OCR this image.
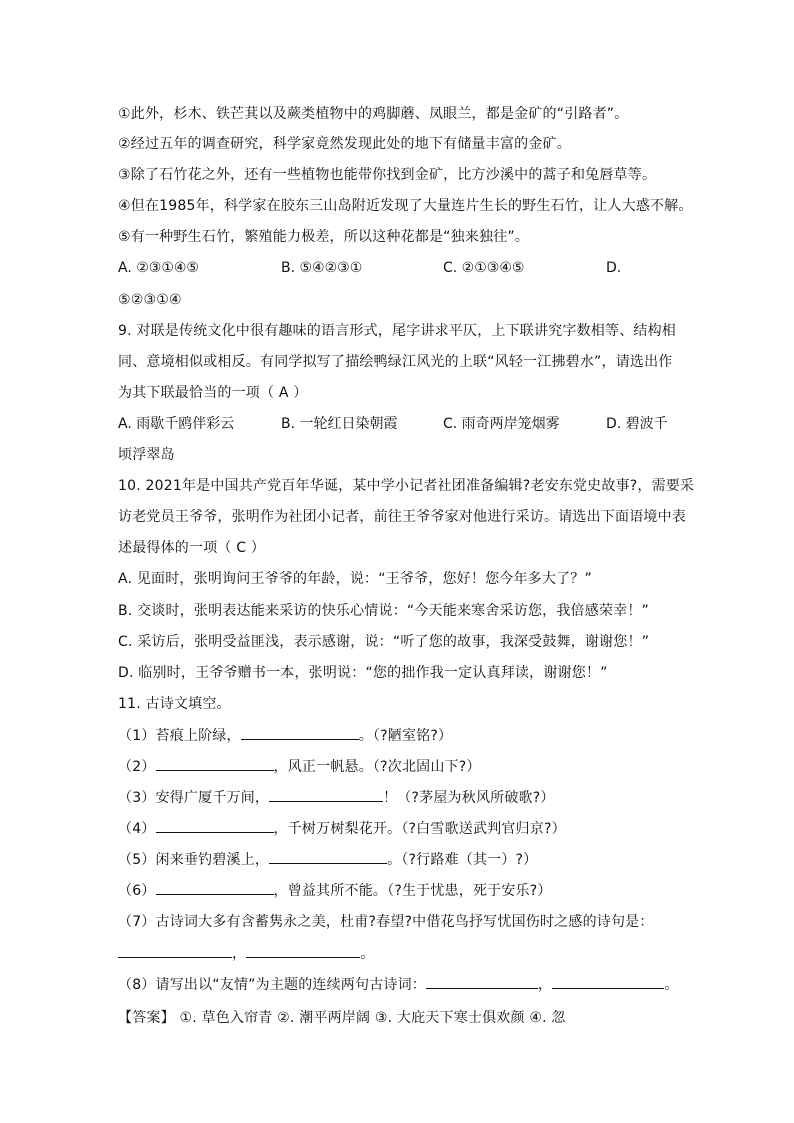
①此外，杉木、铁芒萁以及蕨类植物中的鸡脚蘑、凤眼兰，都是金矿的“引路者”。
②经过五年的调查研究，科学家竟然发现此处的地下有储量丰富的金矿。
③除了石竹花之外，还有一些植物也能带你找到金矿，比方沙溪中的蒿子和兔唇草等。
④但在1985年，科学家在胶东三山岛附近发现了大量连片生长的野生石竹，让人大惑不解。
⑤有一种野生石竹，繁殖能力极差，所以这种花都是“独来独往”。
A. ②③①④⑤	B. ⑤④②③①	C. ②①③④⑤	D.
⑤②③①④
9. 对联是传统文化中很有趣味的语言形式，尾字讲求平仄，上下联讲究字数相等、结构相
同、意境相似或相反。有同学拟写了描绘鸭绿江风光的上联“风轻一江拂碧水”，请选出作
为其下联最恰当的一项（ A ）
A. 雨歇千鸥伴彩云	B. 一轮红日染朝霞	C. 雨奇两岸笼烟雾	D. 碧波千
顷浮翠岛
10. 2021年是中国共产党百年华诞，某中学小记者社团准备编辑?老安东党史故事?，需要采
访老党员王爷爷，张明作为社团小记者，前往王爷爷家对他进行采访。请选出下面语境中表
述最得体的一项（ C ）
A. 见面时，张明询问王爷爷的年龄，说：“王爷爷，您好！您今年多大了？”
B. 交谈时，张明表达能来采访的快乐心情说：“今天能来寒舍采访您，我倍感荣幸！”
C. 采访后，张明受益匪浅，表示感谢，说：“听了您的故事，我深受鼓舞，谢谢您！”
D. 临别时，王爷爷赠书一本，张明说：“您的拙作我一定认真拜读，谢谢您！”
11. 古诗文填空。
（1）苔痕上阶绿，	。（?陋室铭?）
（2）	，风正一帆悬。（?次北固山下?）
（3）安得广厦千万间，	！（?茅屋为秋风所破歌?）
（4）	，千树万树梨花开。（?白雪歌送武判官归京?）
（5）闲来垂钓碧溪上，	。（?行路难（其一）?）
（6）	，曾益其所不能。（?生于忧患，死于安乐?）
（7）古诗词大多有含蓄隽永之美，杜甫?春望?中借花鸟抒写忧国伤时之感的诗句是：
，	。
（8）请写出以“友情”为主题的连续两句古诗词：	，	。
【答案】 ①. 草色入帘青 ②. 潮平两岸阔 ③. 大庇天下寒士俱欢颜 ④. 忽
